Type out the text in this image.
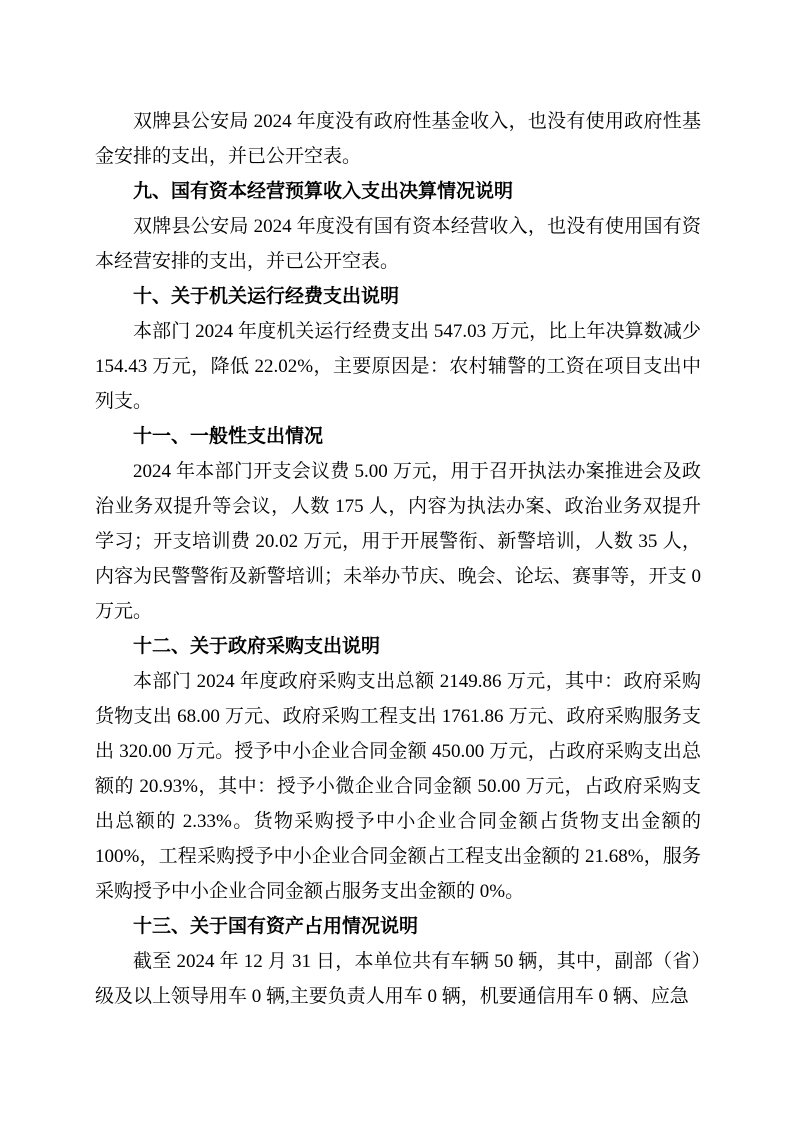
双牌县公安局 2024 年度没有政府性基金收入，也没有使用政府性基金安排的支出，并已公开空表。

九、国有资本经营预算收入支出决算情况说明

双牌县公安局 2024 年度没有国有资本经营收入，也没有使用国有资本经营安排的支出，并已公开空表。

十、关于机关运行经费支出说明

本部门 2024 年度机关运行经费支出 547.03 万元，比上年决算数减少 154.43 万元，降低 22.02%，主要原因是：农村辅警的工资在项目支出中列支。

十一、一般性支出情况

2024 年本部门开支会议费 5.00 万元，用于召开执法办案推进会及政治业务双提升等会议，人数 175 人，内容为执法办案、政治业务双提升学习；开支培训费 20.02 万元，用于开展警衔、新警培训，人数 35 人，内容为民警警衔及新警培训；未举办节庆、晚会、论坛、赛事等，开支 0 万元。

十二、关于政府采购支出说明

本部门 2024 年度政府采购支出总额 2149.86 万元，其中：政府采购货物支出 68.00 万元、政府采购工程支出 1761.86 万元、政府采购服务支出 320.00 万元。授予中小企业合同金额 450.00 万元，占政府采购支出总额的 20.93%，其中：授予小微企业合同金额 50.00 万元，占政府采购支出总额的 2.33%。货物采购授予中小企业合同金额占货物支出金额的 100%，工程采购授予中小企业合同金额占工程支出金额的 21.68%，服务采购授予中小企业合同金额占服务支出金额的 0%。

十三、关于国有资产占用情况说明

截至 2024 年 12 月 31 日，本单位共有车辆 50 辆，其中，副部（省）级及以上领导用车 0 辆,主要负责人用车 0 辆，机要通信用车 0 辆、应急
